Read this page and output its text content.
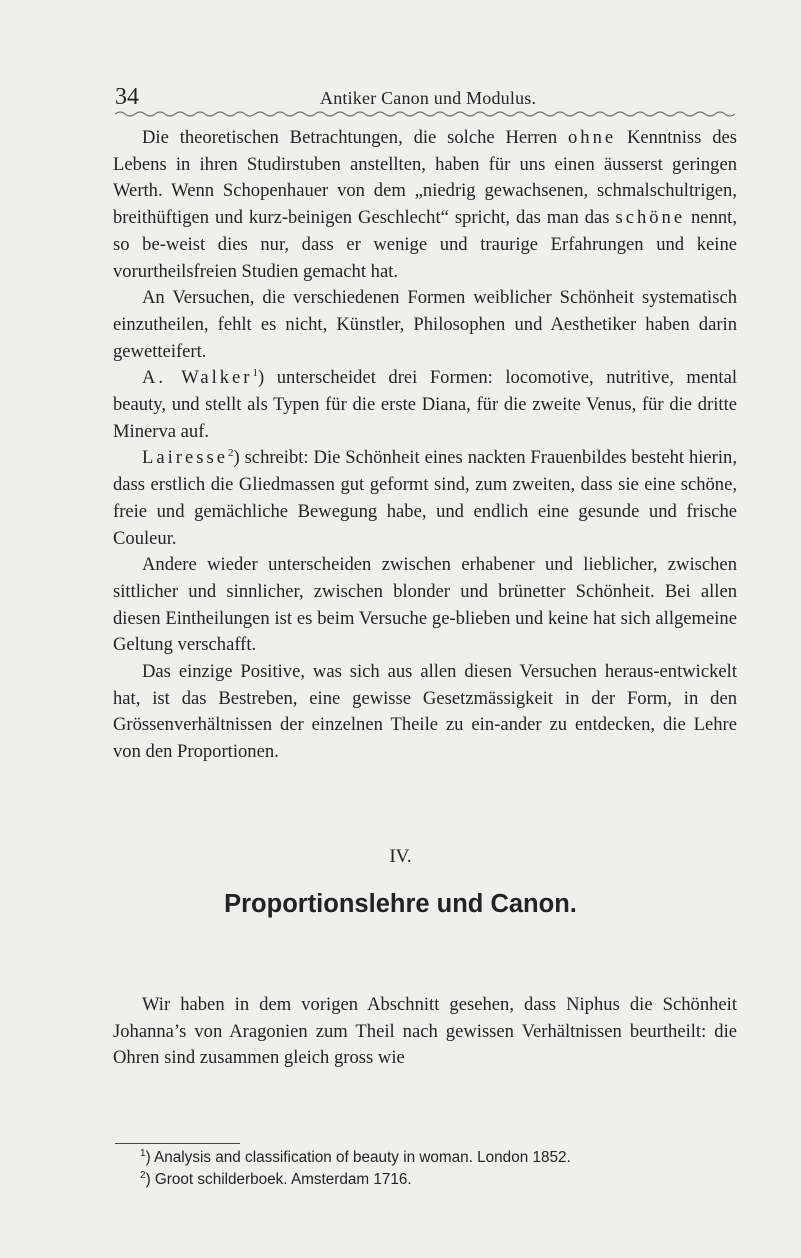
34	Antiker Canon und Modulus.

Die theoretischen Betrachtungen, die solche Herren ohne Kenntniss des Lebens in ihren Studirstuben anstellten, haben für uns einen äusserst geringen Werth. Wenn Schopenhauer von dem „niedrig gewachsenen, schmalschultrigen, breithüftigen und kurz-beinigen Geschlecht“ spricht, das man das schöne nennt, so be-weist dies nur, dass er wenige und traurige Erfahrungen und keine vorurtheilsfreien Studien gemacht hat.

An Versuchen, die verschiedenen Formen weiblicher Schönheit systematisch einzutheilen, fehlt es nicht, Künstler, Philosophen und Aesthetiker haben darin gewetteifert.

A. Walker$^1$) unterscheidet drei Formen: locomotive, nutritive, mental beauty, und stellt als Typen für die erste Diana, für die zweite Venus, für die dritte Minerva auf.

Lairesse$^2$) schreibt: Die Schönheit eines nackten Frauenbildes besteht hierin, dass erstlich die Gliedmassen gut geformt sind, zum zweiten, dass sie eine schöne, freie und gemächliche Bewegung habe, und endlich eine gesunde und frische Couleur.

Andere wieder unterscheiden zwischen erhabener und lieblicher, zwischen sittlicher und sinnlicher, zwischen blonder und brünetter Schönheit. Bei allen diesen Eintheilungen ist es beim Versuche ge-blieben und keine hat sich allgemeine Geltung verschafft.

Das einzige Positive, was sich aus allen diesen Versuchen heraus-entwickelt hat, ist das Bestreben, eine gewisse Gesetzmässigkeit in der Form, in den Grössenverhältnissen der einzelnen Theile zu ein-ander zu entdecken, die Lehre von den Proportionen.

IV.
Proportionslehre und Canon.

Wir haben in dem vorigen Abschnitt gesehen, dass Niphus die Schönheit Johanna’s von Aragonien zum Theil nach gewissen Verhältnissen beurtheilt: die Ohren sind zusammen gleich gross wie

$^1$) Analysis and classification of beauty in woman. London 1852.
$^2$) Groot schilderboek. Amsterdam 1716.
